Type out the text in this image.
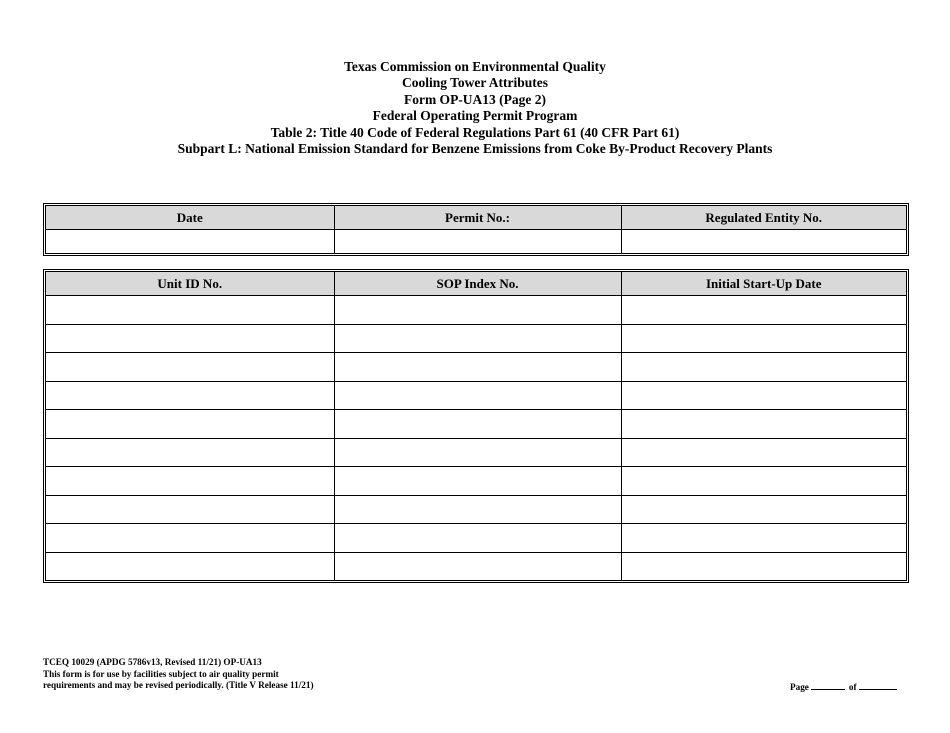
Texas Commission on Environmental Quality
Cooling Tower Attributes
Form OP-UA13 (Page 2)
Federal Operating Permit Program
Table 2: Title 40 Code of Federal Regulations Part 61 (40 CFR Part 61)
Subpart L: National Emission Standard for Benzene Emissions from Coke By-Product Recovery Plants
Date	Permit No.:	Regulated Entity No.

Unit ID No.	SOP Index No.	Initial Start-Up Date

TCEQ 10029 (APDG 5786v13, Revised 11/21) OP-UA13
This form is for use by facilities subject to air quality permit
requirements and may be revised periodically. (Title V Release 11/21)	Page	of
